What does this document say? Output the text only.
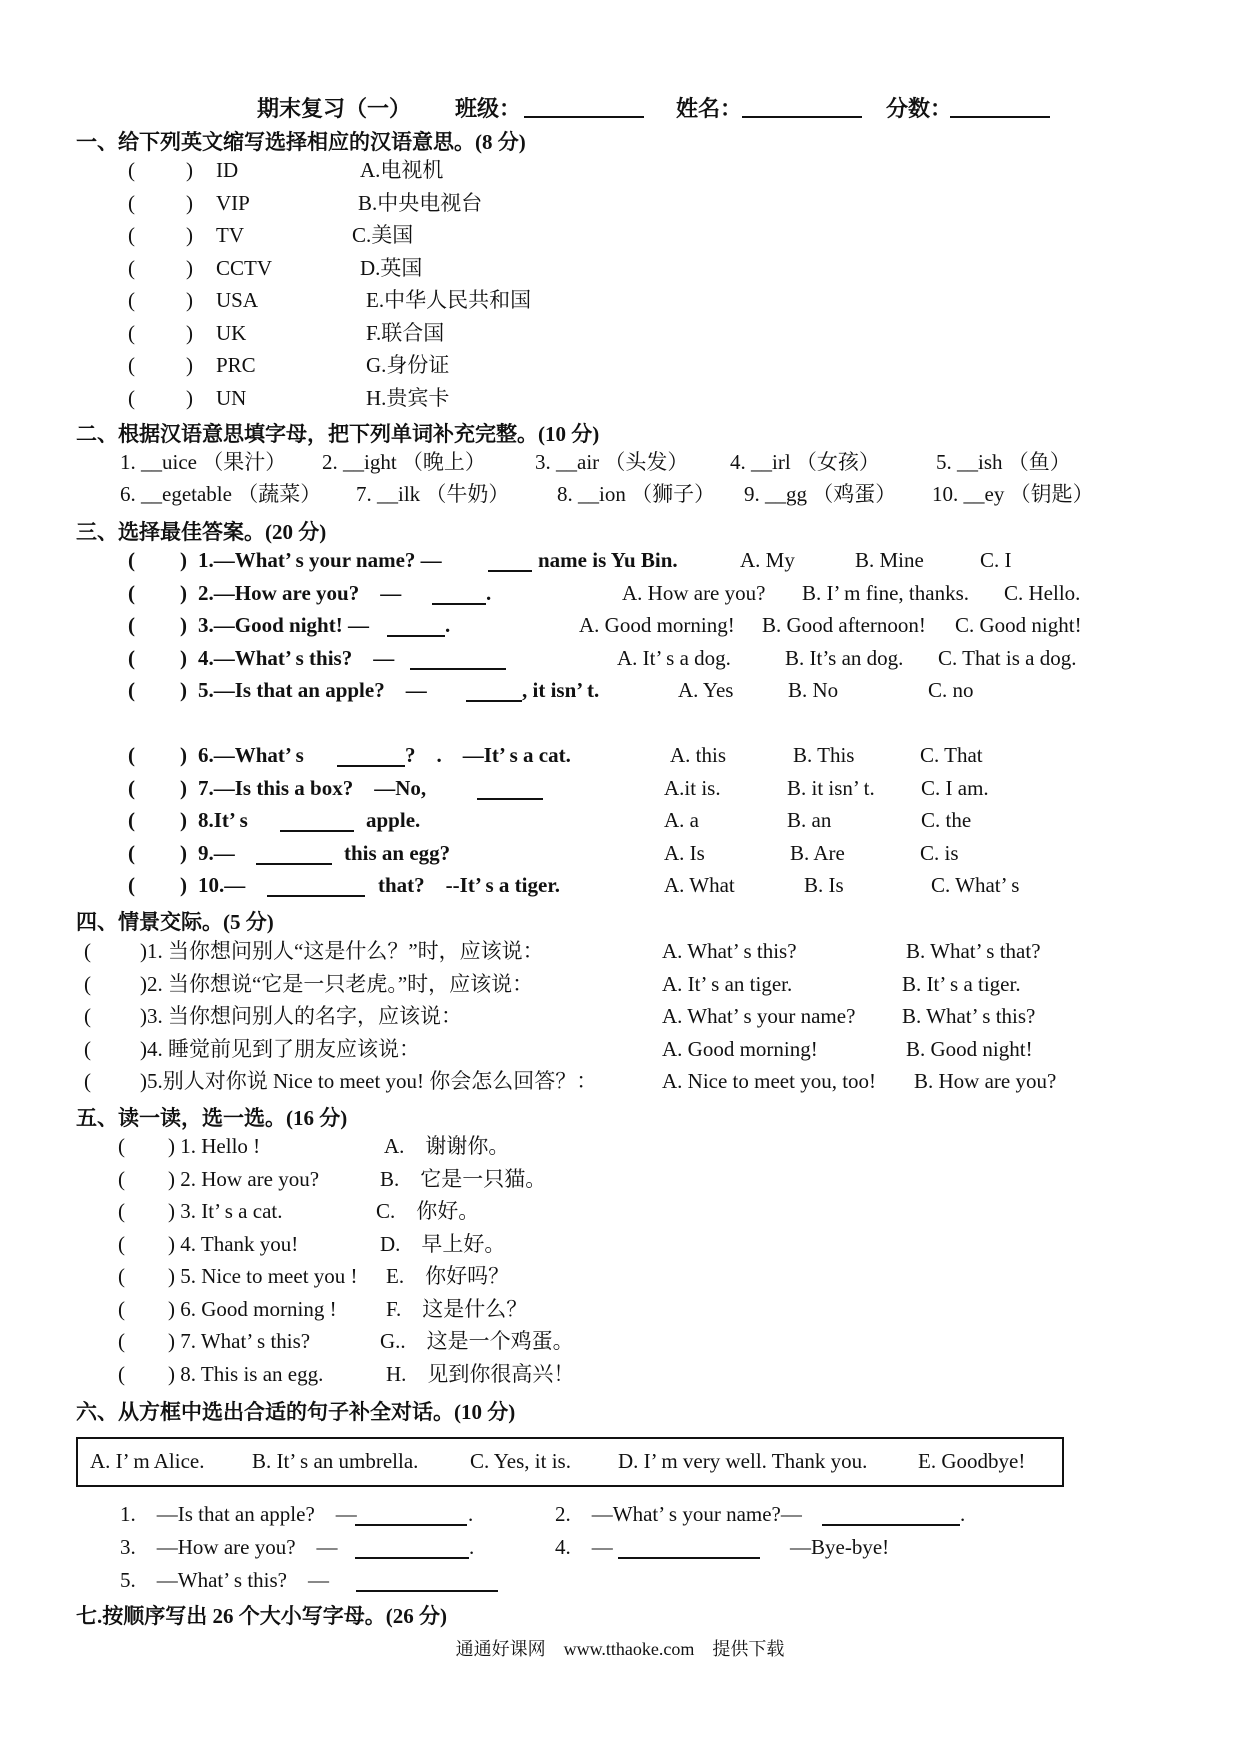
期末复习（一） 班级：	姓名：	分数：
一、给下列英文缩写选择相应的汉语意思。(8 分)
( ) ID	A.电视机
( ) VIP	B.中央电视台
( ) TV	C.美国
( ) CCTV	D.英国
( ) USA	E.中华人民共和国
( ) UK	F.联合国
( ) PRC	G.身份证
( ) UN	H.贵宾卡
二、根据汉语意思填字母，把下列单词补充完整。(10 分)
1. __uice （果汁） 2. __ight （晚上） 3. __air （头发） 4. __irl （女孩）	5. __ish （鱼）
6. __egetable （蔬菜） 7. __ilk （牛奶） 8. __ion （狮子） 9. __gg （鸡蛋） 10. __ey （钥匙）
三、选择最佳答案。(20 分)
( ) 1.—What’ s your name? —	name is Yu Bin.	A. My	B. Mine	C. I
( ) 2.—How are you?　—	.	A. How are you? B. I’ m fine, thanks. C. Hello.
( ) 3.—Good night! —	.	A. Good morning! B. Good afternoon! C. Good night!
( ) 4.—What’ s this?　—	A. It’ s a dog.	B. It’s an dog. C. That is a dog.
( ) 5.—Is that an apple?　—	, it isn’ t.	A. Yes	B. No	C. no
( ) 6.—What’ s	?　.　—It’ s a cat.	A. this	B. This	C. That
( ) 7.—Is this a box?　—No,	A.it is.	B. it isn’ t. C. I am.
( ) 8.It’ s	apple.	A. a	B. an	C. the
( ) 9.—	this an egg?	A. Is	B. Are	C. is
( ) 10.—	that?　--It’ s a tiger.	A. What	B. Is	C. What’ s
四、情景交际。(5 分)
( )1. 当你想问别人“这是什么？”时，应该说：	A. What’ s this?	B. What’ s that?
( )2. 当你想说“它是一只老虎。”时，应该说：	A. It’ s an tiger.	B. It’ s a tiger.
( )3. 当你想问别人的名字，应该说：	A. What’ s your name? B. What’ s this?
( )4. 睡觉前见到了朋友应该说：	A. Good morning!	B. Good night!
( )5.别人对你说 Nice to meet you! 你会怎么回答？：	A. Nice to meet you, too! B. How are you?
五、读一读，选一选。(16 分)
( ) 1. Hello !	A.　谢谢你。
( ) 2. How are you?	B.　它是一只猫。
( ) 3. It’ s a cat.	C.　你好。
( ) 4. Thank you!	D.　早上好。
( ) 5. Nice to meet you ! E.　你好吗？
( ) 6. Good morning ! F.　这是什么？
( ) 7. What’ s this?	G..　这是一个鸡蛋。
( ) 8. This is an egg.	H.　见到你很高兴！
六、从方框中选出合适的句子补全对话。(10 分)
A. I’ m Alice. B. It’ s an umbrella. C. Yes, it is. D. I’ m very well. Thank you. E. Goodbye!
1.　—Is that an apple?　—	.	2.　—What’ s your name?—	.
3.　—How are you?　—	.	4.　—	—Bye-bye!
5.　—What’ s this?　—
七.按顺序写出 26 个大小写字母。(26 分)
通通好课网　www.tthaoke.com　提供下载
